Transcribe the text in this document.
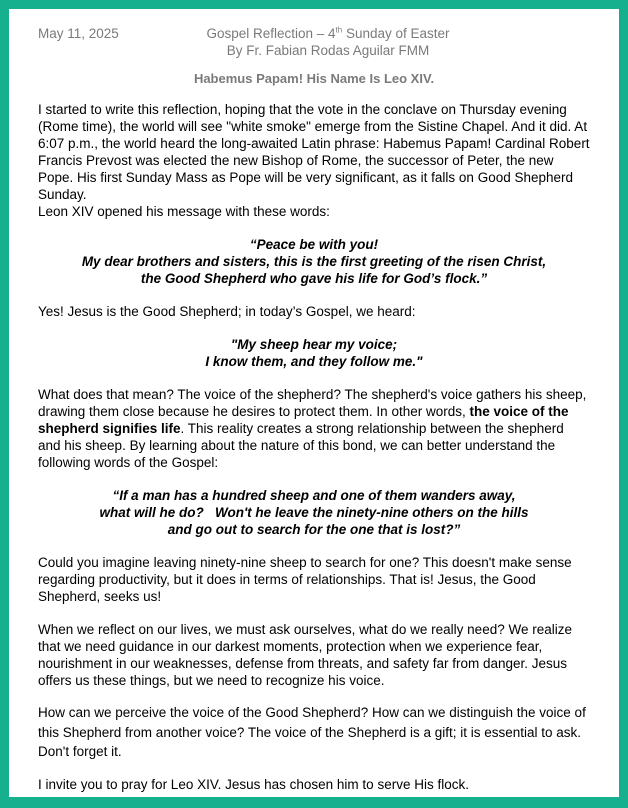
May 11, 2025	Gospel Reflection – 4th Sunday of Easter
By Fr. Fabian Rodas Aguilar FMM
Habemus Papam! His Name Is Leo XIV.

I started to write this reflection, hoping that the vote in the conclave on Thursday evening (Rome time), the world will see "white smoke" emerge from the Sistine Chapel. And it did. At 6:07 p.m., the world heard the long-awaited Latin phrase: Habemus Papam! Cardinal Robert Francis Prevost was elected the new Bishop of Rome, the successor of Peter, the new Pope. His first Sunday Mass as Pope will be very significant, as it falls on Good Shepherd Sunday.

Leon XIV opened his message with these words:

“Peace be with you!

My dear brothers and sisters, this is the first greeting of the risen Christ,

the Good Shepherd who gave his life for God’s flock.”

Yes! Jesus is the Good Shepherd; in today’s Gospel, we heard:

"My sheep hear my voice;

I know them, and they follow me."

What does that mean? The voice of the shepherd? The shepherd's voice gathers his sheep, drawing them close because he desires to protect them. In other words, the voice of the shepherd signifies life. This reality creates a strong relationship between the shepherd and his sheep. By learning about the nature of this bond, we can better understand the following words of the Gospel:

“If a man has a hundred sheep and one of them wanders away,

what will he do?   Won't he leave the ninety-nine others on the hills

and go out to search for the one that is lost?”

Could you imagine leaving ninety-nine sheep to search for one? This doesn't make sense regarding productivity, but it does in terms of relationships. That is! Jesus, the Good Shepherd, seeks us!

When we reflect on our lives, we must ask ourselves, what do we really need? We realize that we need guidance in our darkest moments, protection when we experience fear, nourishment in our weaknesses, defense from threats, and safety far from danger. Jesus offers us these things, but we need to recognize his voice.

How can we perceive the voice of the Good Shepherd? How can we distinguish the voice of this Shepherd from another voice? The voice of the Shepherd is a gift; it is essential to ask. Don't forget it.

I invite you to pray for Leo XIV. Jesus has chosen him to serve His flock.
